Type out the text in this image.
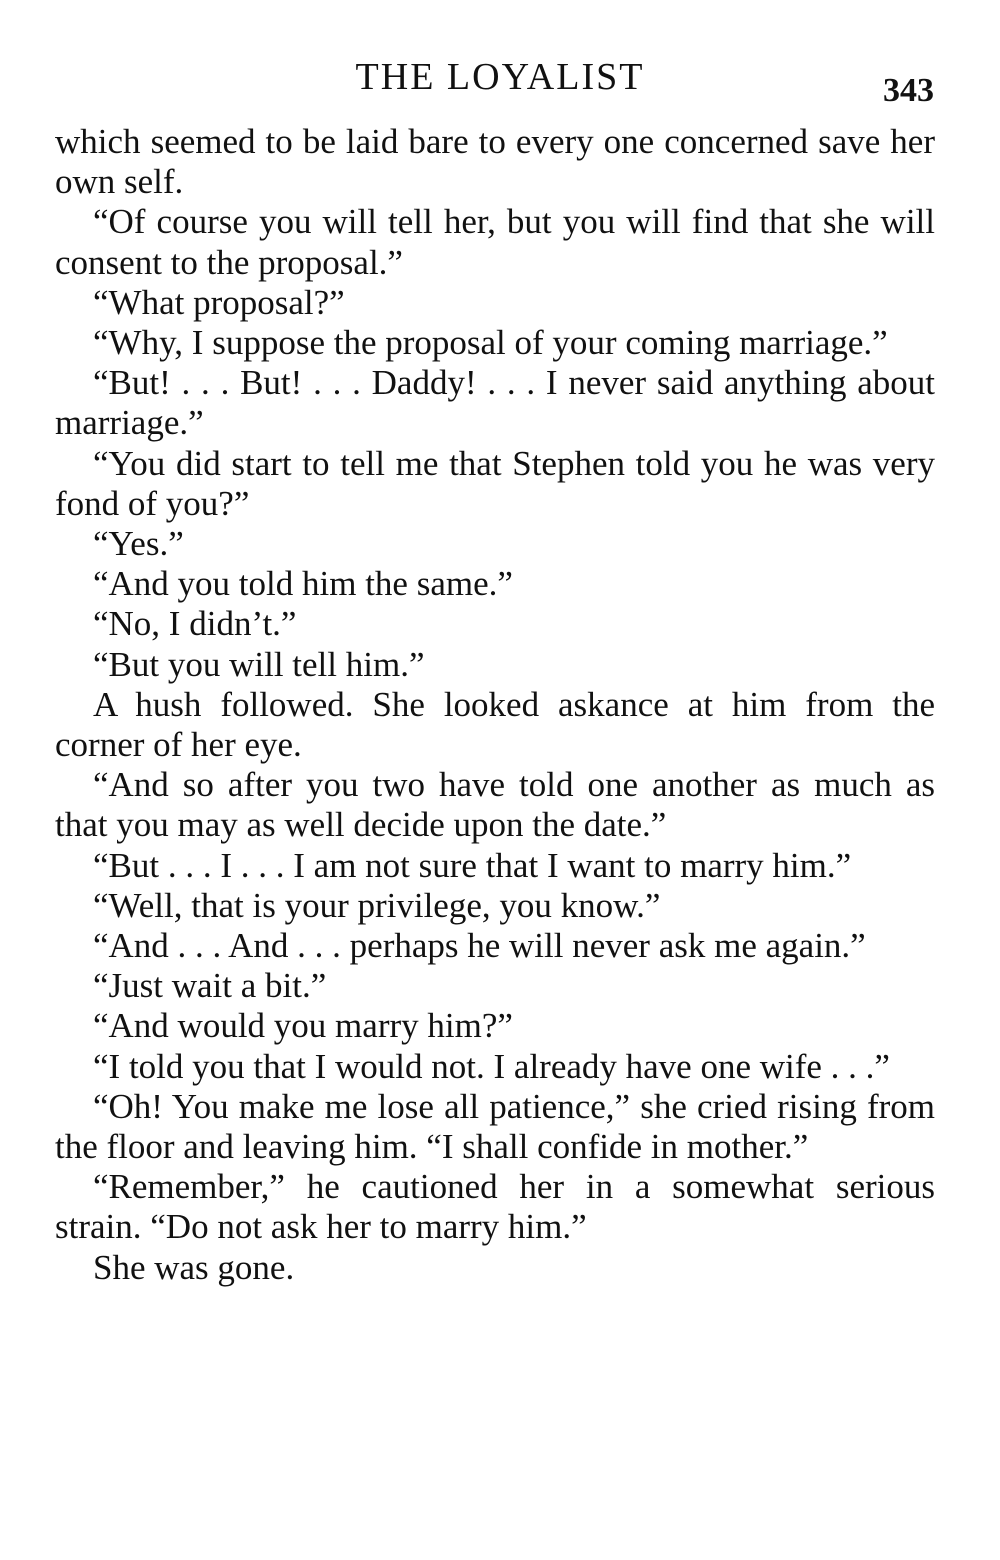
THE LOYALIST	343

which seemed to be laid bare to every one concerned save her own self.

“Of course you will tell her, but you will find that she will consent to the proposal.”

“What proposal?”

“Why, I suppose the proposal of your coming marriage.”

“But! . . . But! . . . Daddy! . . . I never said anything about marriage.”

“You did start to tell me that Stephen told you he was very fond of you?”

“Yes.”

“And you told him the same.”

“No, I didn’t.”

“But you will tell him.”

A hush followed. She looked askance at him from the corner of her eye.

“And so after you two have told one another as much as that you may as well decide upon the date.”

“But . . . I . . . I am not sure that I want to marry him.”

“Well, that is your privilege, you know.”

“And . . . And . . . perhaps he will never ask me again.”

“Just wait a bit.”

“And would you marry him?”

“I told you that I would not. I already have one wife . . .”

“Oh! You make me lose all patience,” she cried rising from the floor and leaving him. “I shall confide in mother.”

“Remember,” he cautioned her in a somewhat serious strain. “Do not ask her to marry him.”

She was gone.
